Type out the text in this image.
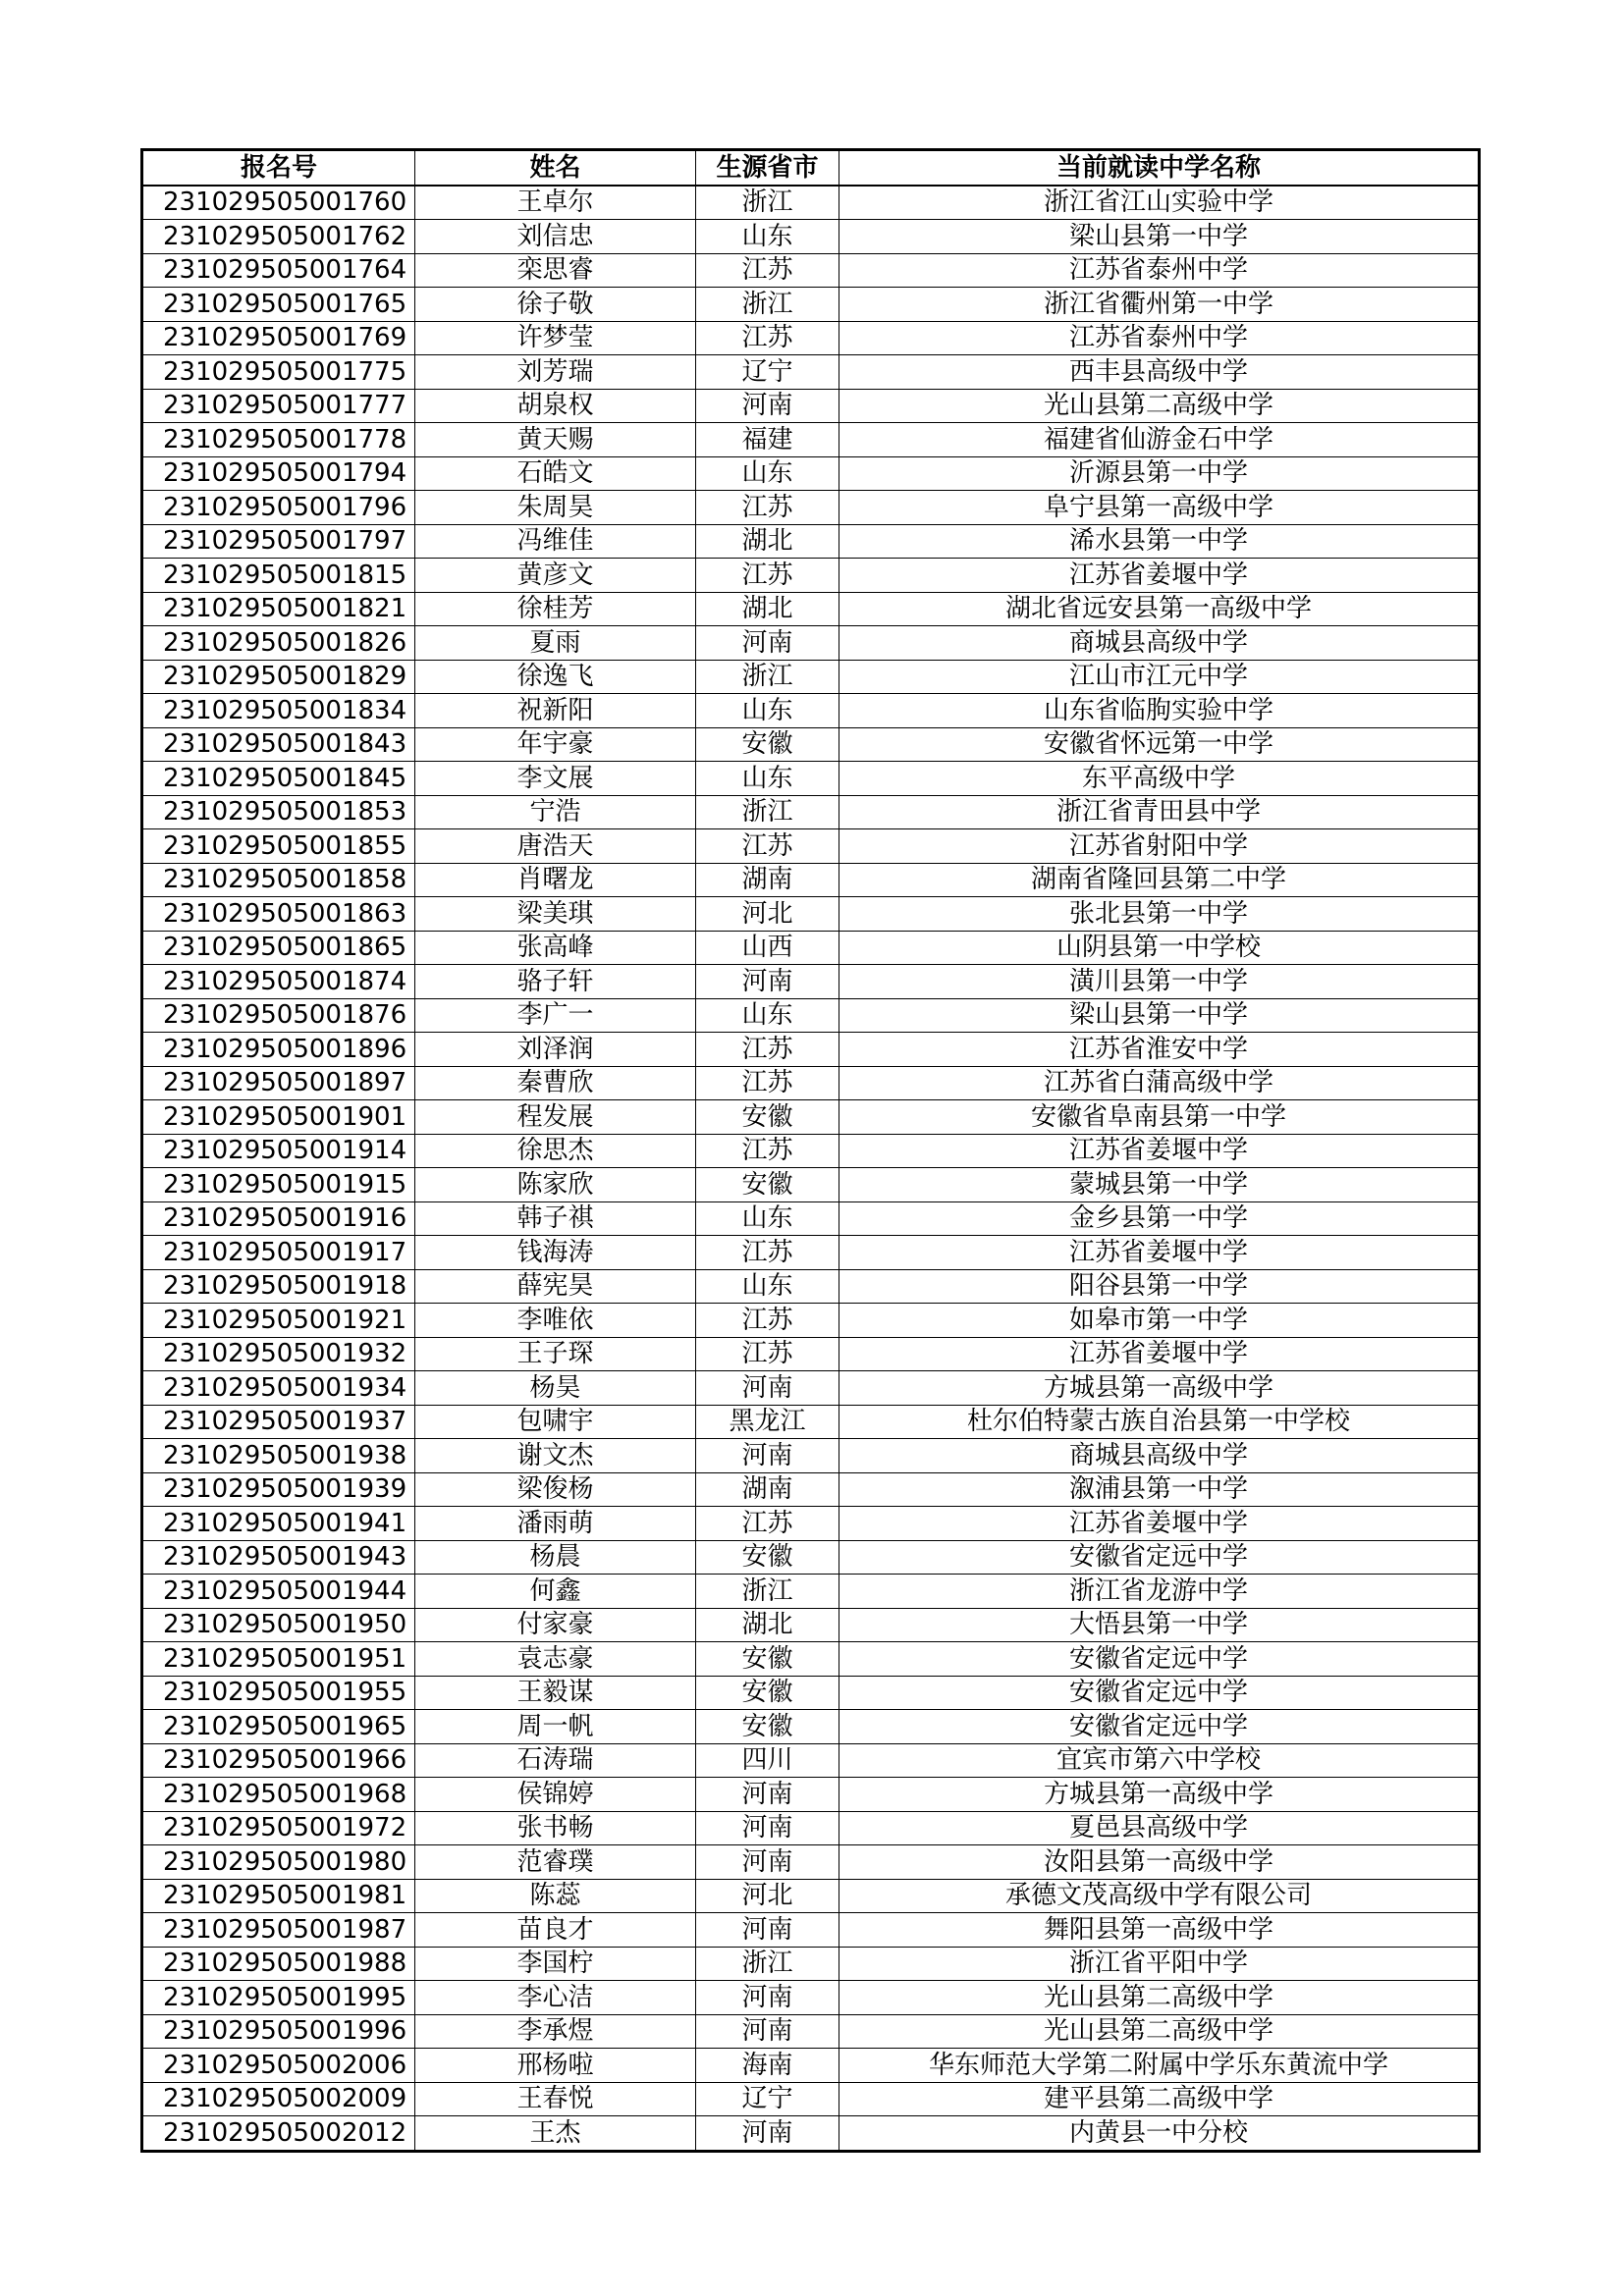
报名号	姓名	生源省市	当前就读中学名称
231029505001760	王卓尔	浙江	浙江省江山实验中学
231029505001762	刘信忠	山东	梁山县第一中学
231029505001764	栾思睿	江苏	江苏省泰州中学
231029505001765	徐子敬	浙江	浙江省衢州第一中学
231029505001769	许梦莹	江苏	江苏省泰州中学
231029505001775	刘芳瑞	辽宁	西丰县高级中学
231029505001777	胡泉权	河南	光山县第二高级中学
231029505001778	黄天赐	福建	福建省仙游金石中学
231029505001794	石皓文	山东	沂源县第一中学
231029505001796	朱周昊	江苏	阜宁县第一高级中学
231029505001797	冯维佳	湖北	浠水县第一中学
231029505001815	黄彦文	江苏	江苏省姜堰中学
231029505001821	徐桂芳	湖北	湖北省远安县第一高级中学
231029505001826	夏雨	河南	商城县高级中学
231029505001829	徐逸飞	浙江	江山市江元中学
231029505001834	祝新阳	山东	山东省临朐实验中学
231029505001843	年宇豪	安徽	安徽省怀远第一中学
231029505001845	李文展	山东	东平高级中学
231029505001853	宁浩	浙江	浙江省青田县中学
231029505001855	唐浩天	江苏	江苏省射阳中学
231029505001858	肖曙龙	湖南	湖南省隆回县第二中学
231029505001863	梁美琪	河北	张北县第一中学
231029505001865	张高峰	山西	山阴县第一中学校
231029505001874	骆子轩	河南	潢川县第一中学
231029505001876	李广一	山东	梁山县第一中学
231029505001896	刘泽润	江苏	江苏省淮安中学
231029505001897	秦曹欣	江苏	江苏省白蒲高级中学
231029505001901	程发展	安徽	安徽省阜南县第一中学
231029505001914	徐思杰	江苏	江苏省姜堰中学
231029505001915	陈家欣	安徽	蒙城县第一中学
231029505001916	韩子祺	山东	金乡县第一中学
231029505001917	钱海涛	江苏	江苏省姜堰中学
231029505001918	薛宪昊	山东	阳谷县第一中学
231029505001921	李唯依	江苏	如皋市第一中学
231029505001932	王子琛	江苏	江苏省姜堰中学
231029505001934	杨昊	河南	方城县第一高级中学
231029505001937	包啸宇	黑龙江	杜尔伯特蒙古族自治县第一中学校
231029505001938	谢文杰	河南	商城县高级中学
231029505001939	梁俊杨	湖南	溆浦县第一中学
231029505001941	潘雨萌	江苏	江苏省姜堰中学
231029505001943	杨晨	安徽	安徽省定远中学
231029505001944	何鑫	浙江	浙江省龙游中学
231029505001950	付家豪	湖北	大悟县第一中学
231029505001951	袁志豪	安徽	安徽省定远中学
231029505001955	王毅谋	安徽	安徽省定远中学
231029505001965	周一帆	安徽	安徽省定远中学
231029505001966	石涛瑞	四川	宜宾市第六中学校
231029505001968	侯锦婷	河南	方城县第一高级中学
231029505001972	张书畅	河南	夏邑县高级中学
231029505001980	范睿璞	河南	汝阳县第一高级中学
231029505001981	陈蕊	河北	承德文茂高级中学有限公司
231029505001987	苗良才	河南	舞阳县第一高级中学
231029505001988	李国柠	浙江	浙江省平阳中学
231029505001995	李心洁	河南	光山县第二高级中学
231029505001996	李承煜	河南	光山县第二高级中学
231029505002006	邢杨啦	海南	华东师范大学第二附属中学乐东黄流中学
231029505002009	王春悦	辽宁	建平县第二高级中学
231029505002012	王杰	河南	内黄县一中分校
